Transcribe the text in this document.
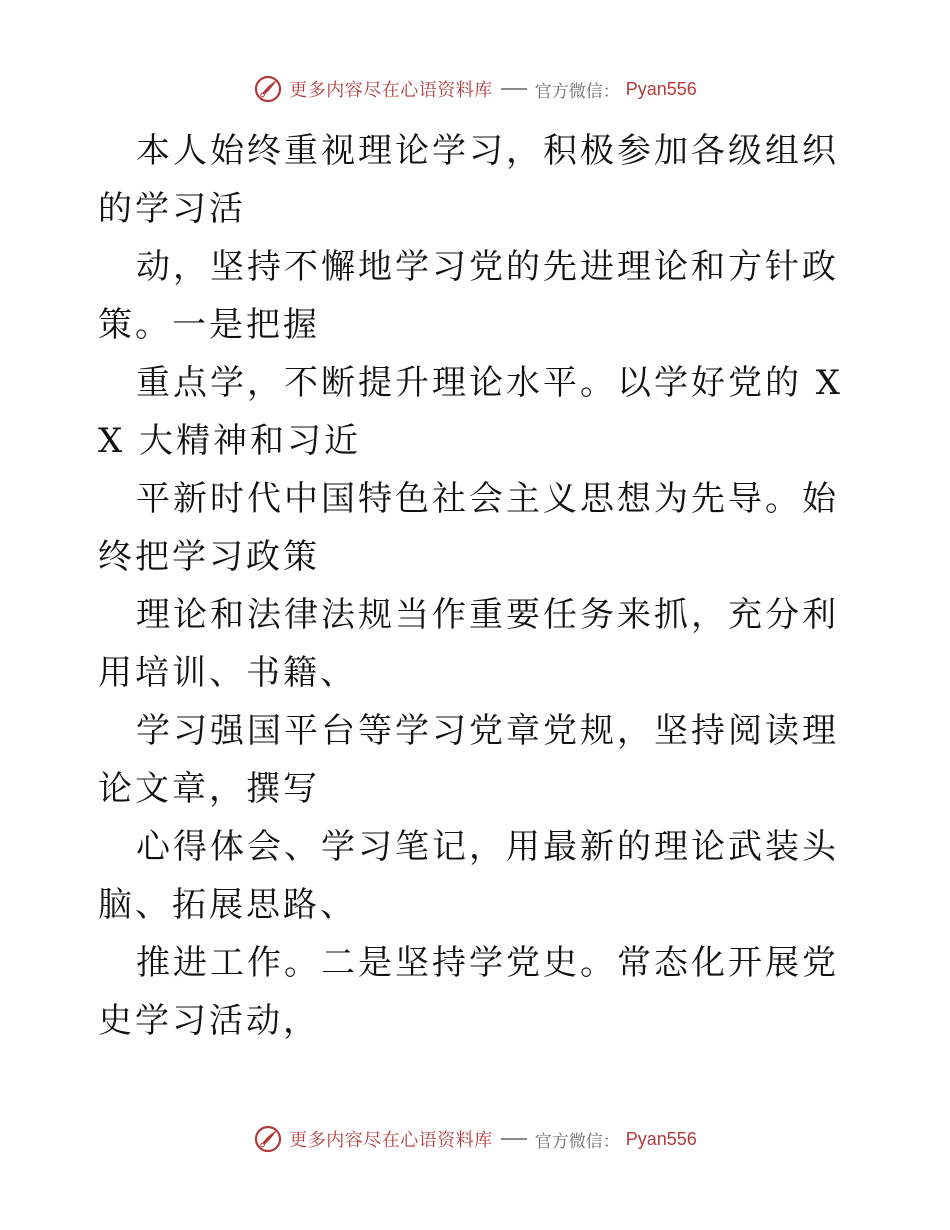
更多内容尽在心语资料库 官方微信： Pyan556

本人始终重视理论学习，积极参加各级组织的学习活

动，坚持不懈地学习党的先进理论和方针政策。一是把握

重点学，不断提升理论水平。以学好党的 XX 大精神和习近

平新时代中国特色社会主义思想为先导。始终把学习政策

理论和法律法规当作重要任务来抓，充分利用培训、书籍、

学习强国平台等学习党章党规，坚持阅读理论文章，撰写

心得体会、学习笔记，用最新的理论武装头脑、拓展思路、

推进工作。二是坚持学党史。常态化开展党史学习活动，

更多内容尽在心语资料库 官方微信： Pyan556
